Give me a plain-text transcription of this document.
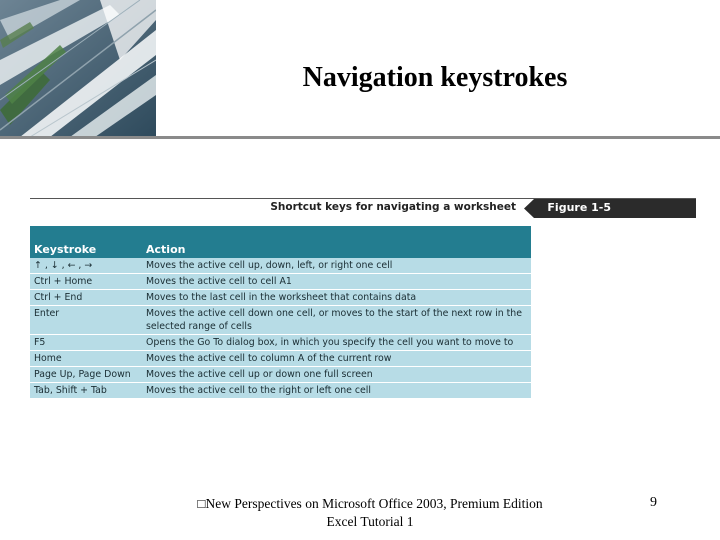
Navigation keystrokes
Shortcut keys for navigating a worksheet	Figure 1-5
Keystroke	Action
↑ , ↓ , ← , →	Moves the active cell up, down, left, or right one cell
Ctrl + Home	Moves the active cell to cell A1
Ctrl + End	Moves to the last cell in the worksheet that contains data
Enter	Moves the active cell down one cell, or moves to the start of the next row in the selected range of cells
F5	Opens the Go To dialog box, in which you specify the cell you want to move to
Home	Moves the active cell to column A of the current row
Page Up, Page Down	Moves the active cell up or down one full screen
Tab, Shift + Tab	Moves the active cell to the right or left one cell
□New Perspectives on Microsoft Office 2003, Premium Edition
Excel Tutorial 1
9
